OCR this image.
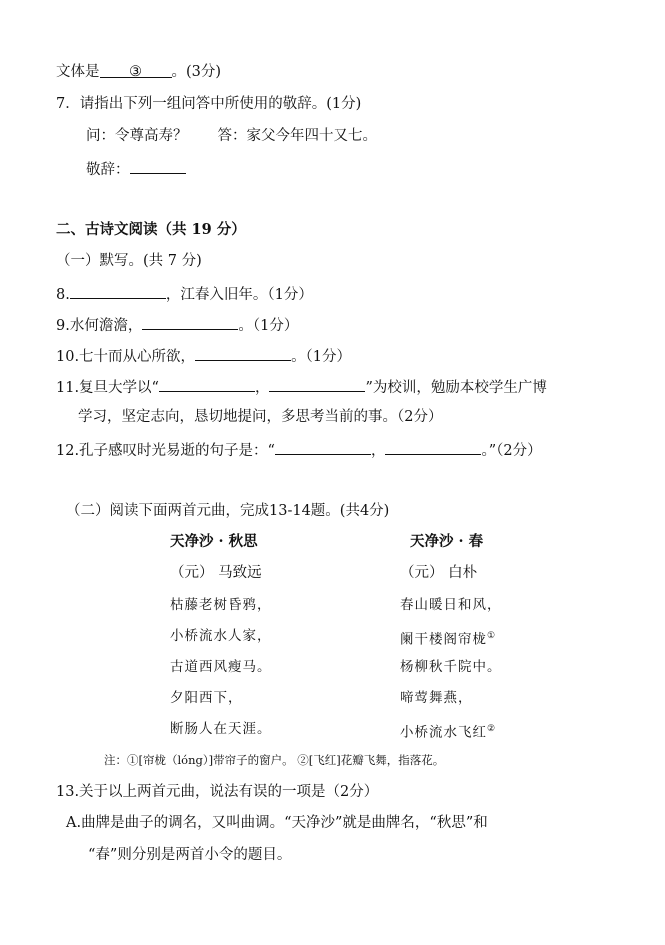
文体是 ③ 。(3分)
7．请指出下列一组问答中所使用的敬辞。(1分)
问：令尊高寿？ 答：家父今年四十又七。
敬辞：
二、古诗文阅读（共 19 分）
（一）默写。(共 7 分)
8.	，江春入旧年。（1分）
9.水何澹澹，	。（1分）
10.七十而从心所欲，	。（1分）
11.复旦大学以“	，	”为校训，勉励本校学生广博
学习，坚定志向，恳切地提问，多思考当前的事。（2分）
12.孔子感叹时光易逝的句子是：“	，	。”（2分）
（二）阅读下面两首元曲，完成13-14题。(共4分)
天净沙 · 秋思
（元） 马致远
枯藤老树昏鸦，
小桥流水人家，
古道西风瘦马。
夕阳西下，
断肠人在天涯。
天净沙 · 春
（元） 白朴
春山暖日和风，
阑干楼阁帘栊①
杨柳秋千院中。
啼莺舞燕，
小桥流水飞红②
注：①[帘栊（lóng）]带帘子的窗户。 ②[飞红]花瓣飞舞，指落花。
13.关于以上两首元曲，说法有误的一项是（2分）
A.曲牌是曲子的调名，又叫曲调。“天净沙”就是曲牌名，“秋思”和
“春”则分别是两首小令的题目。
